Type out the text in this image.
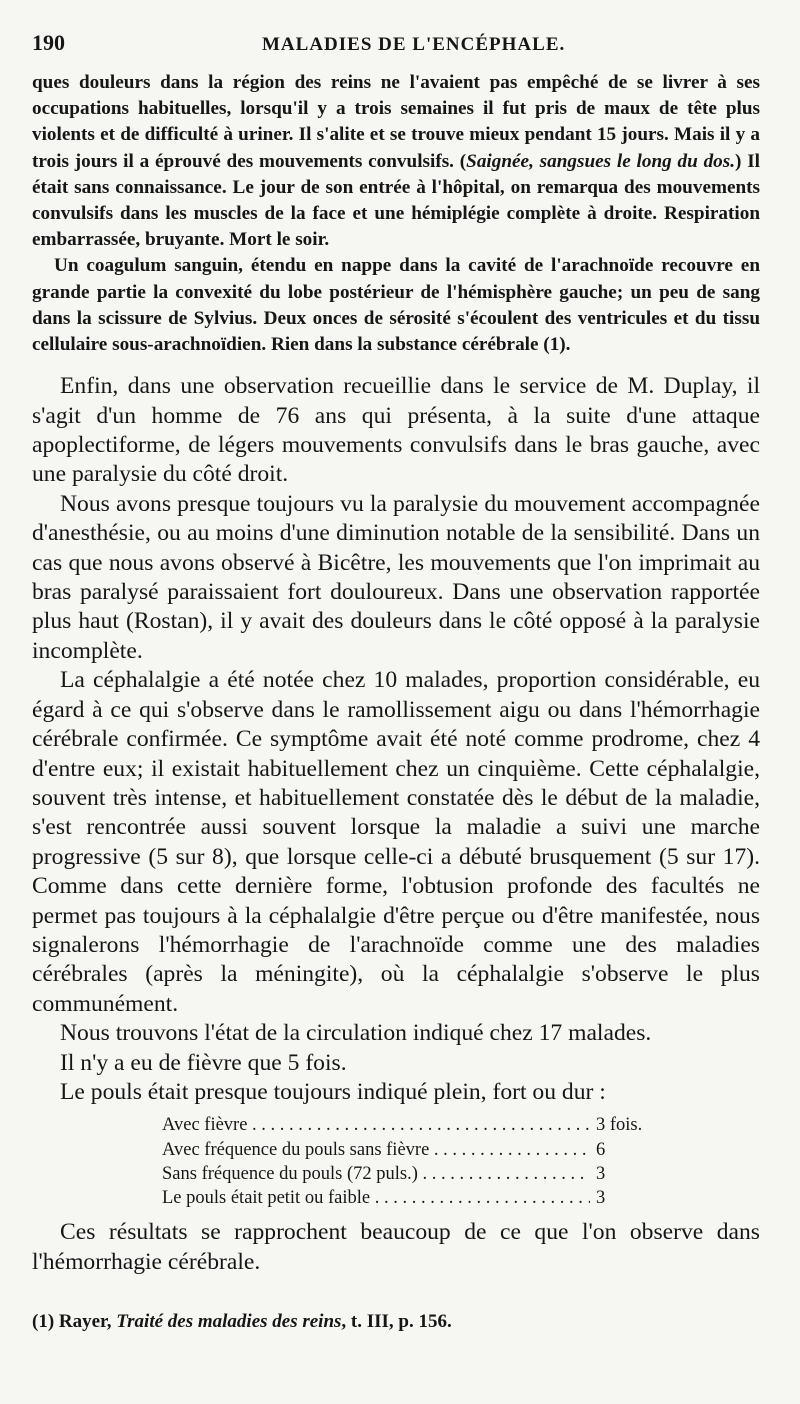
190	MALADIES DE L'ENCÉPHALE.

ques douleurs dans la région des reins ne l'avaient pas empêché de se livrer à ses occupations habituelles, lorsqu'il y a trois semaines il fut pris de maux de tête plus violents et de difficulté à uriner. Il s'alite et se trouve mieux pendant 15 jours. Mais il y a trois jours il a éprouvé des mouvements convulsifs. (Saignée, sangsues le long du dos.) Il était sans connaissance. Le jour de son entrée à l'hôpital, on remarqua des mouvements convulsifs dans les muscles de la face et une hémiplégie complète à droite. Respiration embarrassée, bruyante. Mort le soir.

Un coagulum sanguin, étendu en nappe dans la cavité de l'arachnoïde recouvre en grande partie la convexité du lobe postérieur de l'hémisphère gauche; un peu de sang dans la scissure de Sylvius. Deux onces de sérosité s'écoulent des ventricules et du tissu cellulaire sous-arachnoïdien. Rien dans la substance cérébrale (1).

Enfin, dans une observation recueillie dans le service de M. Duplay, il s'agit d'un homme de 76 ans qui présenta, à la suite d'une attaque apoplectiforme, de légers mouvements convulsifs dans le bras gauche, avec une paralysie du côté droit.

Nous avons presque toujours vu la paralysie du mouvement accompagnée d'anesthésie, ou au moins d'une diminution notable de la sensibilité. Dans un cas que nous avons observé à Bicêtre, les mouvements que l'on imprimait au bras paralysé paraissaient fort douloureux. Dans une observation rapportée plus haut (Rostan), il y avait des douleurs dans le côté opposé à la paralysie incomplète.

La céphalalgie a été notée chez 10 malades, proportion considérable, eu égard à ce qui s'observe dans le ramollissement aigu ou dans l'hémorrhagie cérébrale confirmée. Ce symptôme avait été noté comme prodrome, chez 4 d'entre eux; il existait habituellement chez un cinquième. Cette céphalalgie, souvent très intense, et habituellement constatée dès le début de la maladie, s'est rencontrée aussi souvent lorsque la maladie a suivi une marche progressive (5 sur 8), que lorsque celle-ci a débuté brusquement (5 sur 17). Comme dans cette dernière forme, l'obtusion profonde des facultés ne permet pas toujours à la céphalalgie d'être perçue ou d'être manifestée, nous signalerons l'hémorrhagie de l'arachnoïde comme une des maladies cérébrales (après la méningite), où la céphalalgie s'observe le plus communément.

Nous trouvons l'état de la circulation indiqué chez 17 malades.

Il n'y a eu de fièvre que 5 fois.

Le pouls était presque toujours indiqué plein, fort ou dur :

Avec fièvre . . .	3 fois.
Avec fréquence du pouls sans fièvre . . .	6
Sans fréquence du pouls (72 puls.) . . .	3
Le pouls était petit ou faible . . .	3

Ces résultats se rapprochent beaucoup de ce que l'on observe dans l'hémorrhagie cérébrale.

(1) Rayer, Traité des maladies des reins, t. III, p. 156.
